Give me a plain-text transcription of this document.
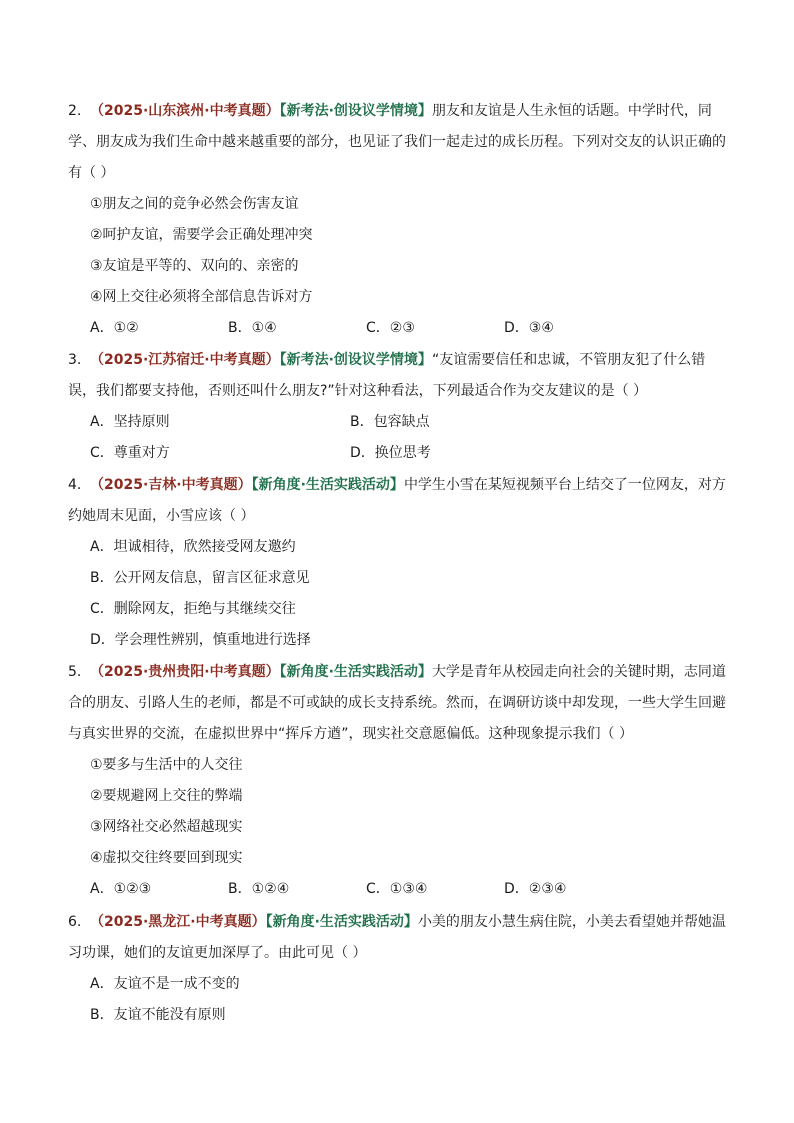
2. （2025·山东滨州·中考真题）【新考法·创设议学情境】朋友和友谊是人生永恒的话题。中学时代，同学、朋友成为我们生命中越来越重要的部分，也见证了我们一起走过的成长历程。下列对交友的认识正确的有（ ）

①朋友之间的竞争必然会伤害友谊
②呵护友谊，需要学会正确处理冲突
③友谊是平等的、双向的、亲密的
④网上交往必须将全部信息告诉对方
A．①②	B．①④	C．②③	D．③④

3. （2025·江苏宿迁·中考真题）【新考法·创设议学情境】“友谊需要信任和忠诚，不管朋友犯了什么错误，我们都要支持他，否则还叫什么朋友?”针对这种看法，下列最适合作为交友建议的是（ ）

A．坚持原则	B．包容缺点
C．尊重对方	D．换位思考

4. （2025·吉林·中考真题）【新角度·生活实践活动】中学生小雪在某短视频平台上结交了一位网友，对方约她周末见面，小雪应该（ ）

A．坦诚相待，欣然接受网友邀约
B．公开网友信息，留言区征求意见
C．删除网友，拒绝与其继续交往
D．学会理性辨别，慎重地进行选择

5. （2025·贵州贵阳·中考真题）【新角度·生活实践活动】大学是青年从校园走向社会的关键时期，志同道合的朋友、引路人生的老师，都是不可或缺的成长支持系统。然而，在调研访谈中却发现，一些大学生回避与真实世界的交流，在虚拟世界中“挥斥方遒”，现实社交意愿偏低。这种现象提示我们（ ）

①要多与生活中的人交往
②要规避网上交往的弊端
③网络社交必然超越现实
④虚拟交往终要回到现实
A．①②③	B．①②④	C．①③④	D．②③④

6. （2025·黑龙江·中考真题）【新角度·生活实践活动】小美的朋友小慧生病住院，小美去看望她并帮她温习功课，她们的友谊更加深厚了。由此可见（ ）

A．友谊不是一成不变的
B．友谊不能没有原则
